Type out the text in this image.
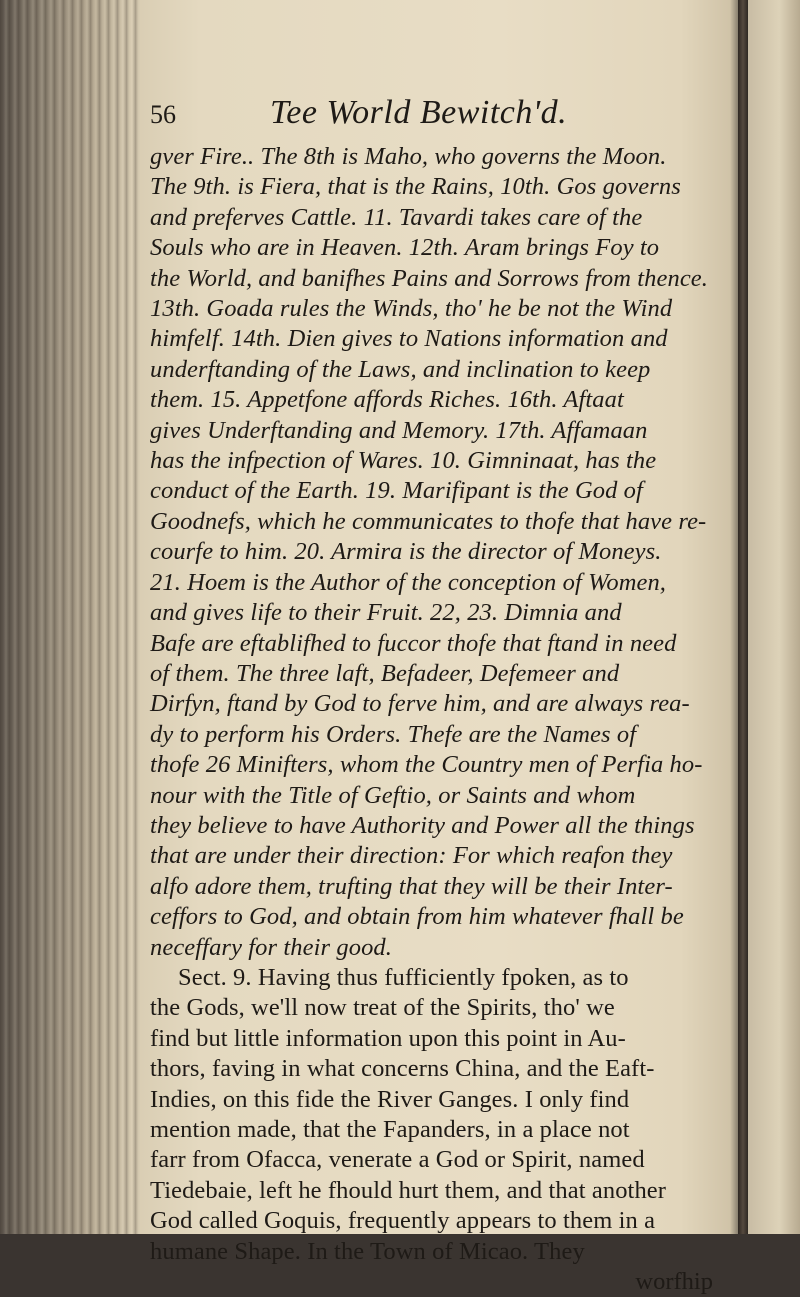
56	Tee World Bewitch'd.
gver Fire.. The 8th is Maho, who governs the Moon.
The 9th. is Fiera, that is the Rains, 10th. Gos governs
and preferves Cattle. 11. Tavardi takes care of the
Souls who are in Heaven. 12th. Aram brings Foy to
the World, and banifhes Pains and Sorrows from thence.
13th. Goada rules the Winds, tho' he be not the Wind
himfelf. 14th. Dien gives to Nations information and
underftanding of the Laws, and inclination to keep
them. 15. Appetfone affords Riches. 16th. Aftaat
gives Underftanding and Memory. 17th. Affamaan
has the infpection of Wares. 10. Gimninaat, has the
conduct of the Earth. 19. Marifipant is the God of
Goodnefs, which he communicates to thofe that have re-
courfe to him. 20. Armira is the director of Moneys.
21. Hoem is the Author of the conception of Women,
and gives life to their Fruit. 22, 23. Dimnia and
Bafe are eftablifhed to fuccor thofe that ftand in need
of them. The three laft, Befadeer, Defemeer and
Dirfyn, ftand by God to ferve him, and are always rea-
dy to perform his Orders. Thefe are the Names of
thofe 26 Minifters, whom the Country men of Perfia ho-
nour with the Title of Geftio, or Saints and whom
they believe to have Authority and Power all the things
that are under their direction: For which reafon they
alfo adore them, trufting that they will be their Inter-
ceffors to God, and obtain from him whatever fhall be
neceffary for their good.
Sect. 9. Having thus fufficiently fpoken, as to
the Gods, we'll now treat of the Spirits, tho' we
find but little information upon this point in Au-
thors, faving in what concerns China, and the Eaft-
Indies, on this fide the River Ganges. I only find
mention made, that the Fapanders, in a place not
farr from Ofacca, venerate a God or Spirit, named
Tiedebaie, left he fhould hurt them, and that another
God called Goquis, frequently appears to them in a
humane Shape. In the Town of Micao. They
worfhip
